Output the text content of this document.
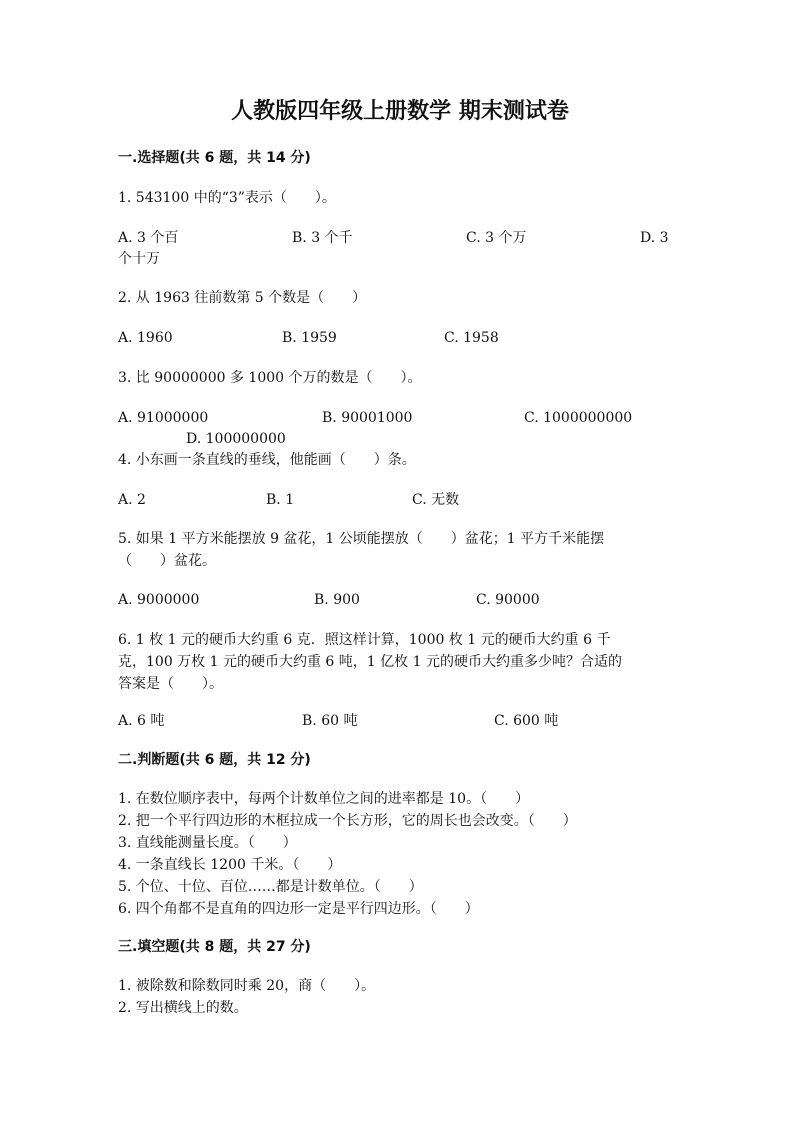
人教版四年级上册数学 期末测试卷
一.选择题(共 6 题，共 14 分)
1. 543100 中的“3”表示（　　）。
A. 3 个百	B. 3 个千	C. 3 个万	D. 3
个十万
2. 从 1963 往前数第 5 个数是（　　）
A. 1960	B. 1959	C. 1958
3. 比 90000000 多 1000 个万的数是（　　）。
A. 91000000	B. 90001000	C. 1000000000
D. 100000000
4. 小东画一条直线的垂线，他能画（　　）条。
A. 2	B. 1	C. 无数
5. 如果 1 平方米能摆放 9 盆花，1 公顷能摆放（　　）盆花；1 平方千米能摆
（　　）盆花。
A. 9000000	B. 900	C. 90000
6. 1 枚 1 元的硬币大约重 6 克．照这样计算，1000 枚 1 元的硬币大约重 6 千
克，100 万枚 1 元的硬币大约重 6 吨，1 亿枚 1 元的硬币大约重多少吨？合适的
答案是（　　）。
A. 6 吨	B. 60 吨	C. 600 吨
二.判断题(共 6 题，共 12 分)
1. 在数位顺序表中，每两个计数单位之间的进率都是 10。（　　）
2. 把一个平行四边形的木框拉成一个长方形，它的周长也会改变。（　　）
3. 直线能测量长度。（　　）
4. 一条直线长 1200 千米。（　　）
5. 个位、十位、百位……都是计数单位。（　　）
6. 四个角都不是直角的四边形一定是平行四边形。（　　）
三.填空题(共 8 题，共 27 分)
1. 被除数和除数同时乘 20，商（　　）。
2. 写出横线上的数。
